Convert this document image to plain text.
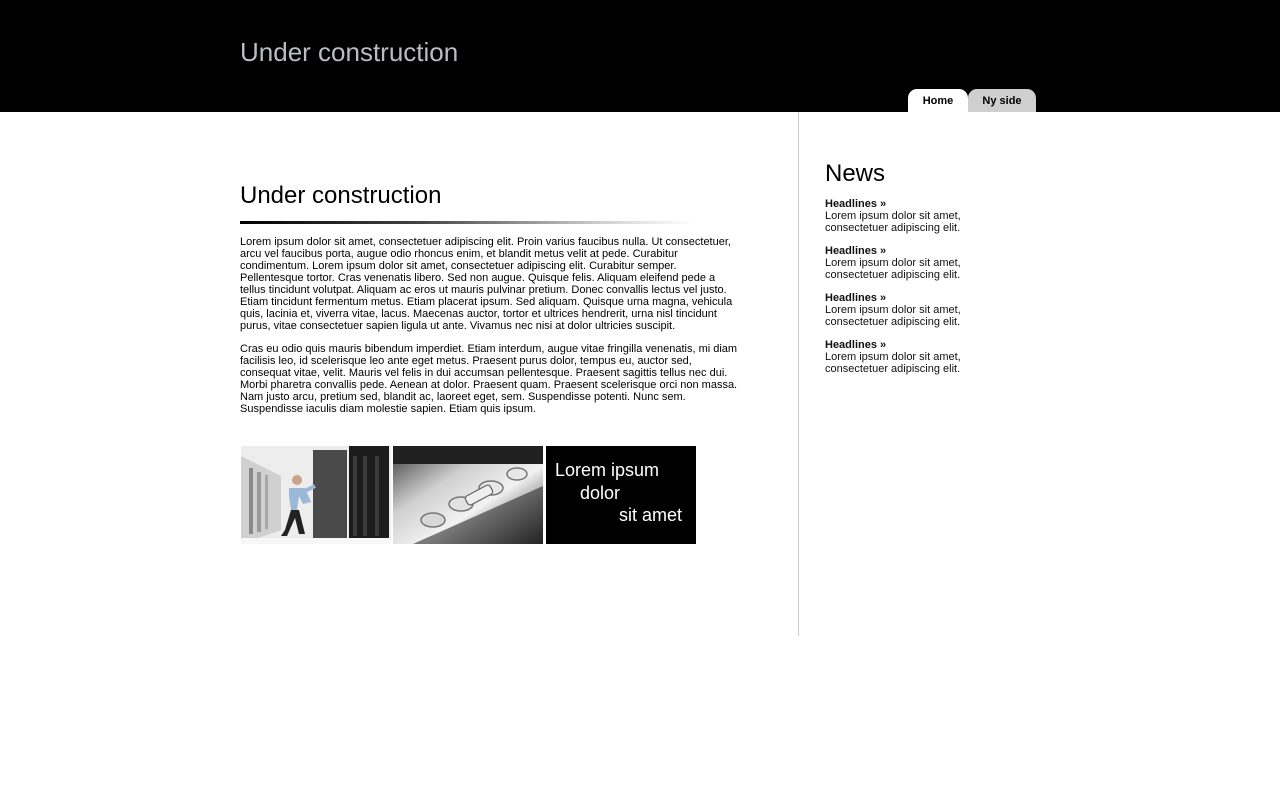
Under construction
Home	Ny side
Under construction

Lorem ipsum dolor sit amet, consectetuer adipiscing elit. Proin varius faucibus nulla. Ut consectetuer, arcu vel faucibus porta, augue odio rhoncus enim, et blandit metus velit at pede. Curabitur condimentum. Lorem ipsum dolor sit amet, consectetuer adipiscing elit. Curabitur semper. Pellentesque tortor. Cras venenatis libero. Sed non augue. Quisque felis. Aliquam eleifend pede a tellus tincidunt volutpat. Aliquam ac eros ut mauris pulvinar pretium. Donec convallis lectus vel justo. Etiam tincidunt fermentum metus. Etiam placerat ipsum. Sed aliquam. Quisque urna magna, vehicula quis, lacinia et, viverra vitae, lacus. Maecenas auctor, tortor et ultrices hendrerit, urna nisl tincidunt purus, vitae consectetuer sapien ligula ut ante. Vivamus nec nisi at dolor ultricies suscipit.

Cras eu odio quis mauris bibendum imperdiet. Etiam interdum, augue vitae fringilla venenatis, mi diam facilisis leo, id scelerisque leo ante eget metus. Praesent purus dolor, tempus eu, auctor sed, consequat vitae, velit. Mauris vel felis in dui accumsan pellentesque. Praesent sagittis tellus nec dui. Morbi pharetra convallis pede. Aenean at dolor. Praesent quam. Praesent scelerisque orci non massa. Nam justo arcu, pretium sed, blandit ac, laoreet eget, sem. Suspendisse potenti. Nunc sem. Suspendisse iaculis diam molestie sapien. Etiam quis ipsum.

Lorem ipsum
dolor
sit amet
News
Headlines »
Lorem ipsum dolor sit amet, consectetuer adipiscing elit.
Headlines »
Lorem ipsum dolor sit amet, consectetuer adipiscing elit.
Headlines »
Lorem ipsum dolor sit amet, consectetuer adipiscing elit.
Headlines »
Lorem ipsum dolor sit amet, consectetuer adipiscing elit.
